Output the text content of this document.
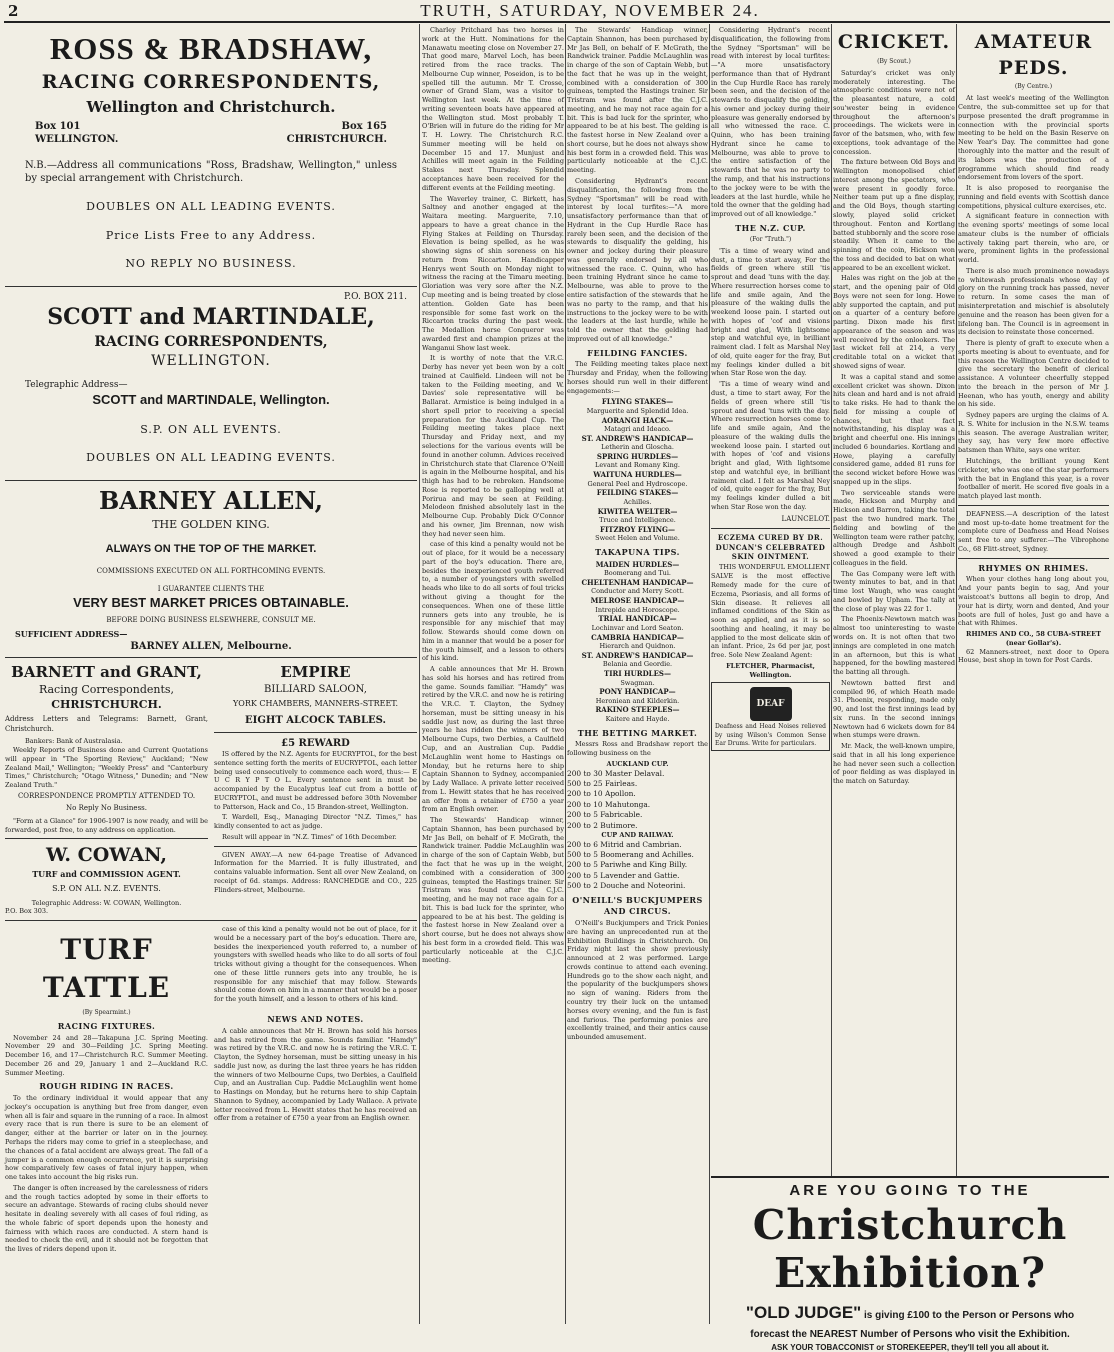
2	TRUTH, SATURDAY, NOVEMBER 24.
ROSS & BRADSHAW,
RACING CORRESPONDENTS,
Wellington and Christchurch.
Box 101	Box 165
WELLINGTON.	CHRISTCHURCH.
N.B.—Address all communications "Ross, Bradshaw, Wellington," unless by special arrangement with Christchurch.
DOUBLES ON ALL LEADING EVENTS.
Price Lists Free to any Address.
NO REPLY NO BUSINESS.
P.O. BOX 211.
SCOTT and MARTINDALE,
RACING CORRESPONDENTS,
WELLINGTON.
Telegraphic Address—
SCOTT and MARTINDALE, Wellington.
S.P. ON ALL EVENTS.
DOUBLES ON ALL LEADING EVENTS.
BARNEY ALLEN,
THE GOLDEN KING.
ALWAYS ON THE TOP OF THE MARKET.
COMMISSIONS EXECUTED ON ALL FORTHCOMING EVENTS.
I GUARANTEE CLIENTS THE
VERY BEST MARKET PRICES OBTAINABLE.
BEFORE DOING BUSINESS ELSEWHERE, CONSULT ME.
SUFFICIENT ADDRESS—
BARNEY ALLEN, Melbourne.
BARNETT and GRANT,
Racing Correspondents,
CHRISTCHURCH.
Address Letters and Telegrams: Barnett, Grant, Christchurch.
Bankers: Bank of Australasia.

Weekly Reports of Business done and Current Quotations will appear in "The Sporting Review," Auckland; "New Zealand Mail," Wellington; "Weekly Press" and "Canterbury Times," Christchurch; "Otago Witness," Dunedin; and "New Zealand Truth."

CORRESPONDENCE PROMPTLY ATTENDED TO.
No Reply No Business.

"Form at a Glance" for 1906-1907 is now ready, and will be forwarded, post free, to any address on application.

W. COWAN,
TURF and COMMISSION AGENT.
S.P. ON ALL N.Z. EVENTS.
Telegraphic Address: W. COWAN, Wellington.
P.O. Box 303.
EMPIRE
BILLIARD SALOON,
YORK CHAMBERS, MANNERS-STREET.
EIGHT ALCOCK TABLES.
£5 REWARD

IS offered by the N.Z. Agents for EUCRYPTOL, for the best sentence setting forth the merits of EUCRYPTOL, each letter being used consecutively to commence each word, thus:— E U C R Y P T O L. Every sentence sent in must be accompanied by the Eucalyptus leaf cut from a bottle of EUCRYPTOL, and must be addressed before 30th November to Patterson, Hack and Co., 15 Brandon-street, Wellington.

T. Wardell, Esq., Managing Director "N.Z. Times," has kindly consented to act as judge.

Result will appear in "N.Z. Times" of 16th December.

GIVEN AWAY.—A new 64-page Treatise of Advanced Information for the Married. It is fully illustrated, and contains valuable information. Sent all over New Zealand, on receipt of 6d. stamps. Address: RANCHEDGE and CO., 225 Flinders-street, Melbourne.

TURF TATTLE
(By Spearmint.)
RACING FIXTURES.

November 24 and 28—Takapuna J.C. Spring Meeting. November 29 and 30—Feilding J.C. Spring Meeting. December 16, and 17—Christchurch R.C. Summer Meeting. December 26 and 29, January 1 and 2—Auckland R.C. Summer Meeting.

ROUGH RIDING IN RACES.

To the ordinary individual it would appear that any jockey's occupation is anything but free from danger, even when all is fair and square in the running of a race. In almost every race that is run there is sure to be an element of danger, either at the barrier or later on in the journey. Perhaps the riders may come to grief in a steeplechase, and the chances of a fatal accident are always great. The fall of a jumper is a common enough occurrence, yet it is surprising how comparatively few cases of fatal injury happen, when one takes into account the big risks run.

The danger is often increased by the carelessness of riders and the rough tactics adopted by some in their efforts to secure an advantage. Stewards of racing clubs should never hesitate in dealing severely with all cases of foul riding, as the whole fabric of sport depends upon the honesty and fairness with which races are conducted. A stern hand is needed to check the evil, and it should not be forgotten that the lives of riders depend upon it.

case of this kind a penalty would not be out of place, for it would be a necessary part of the boy's education. There are, besides the inexperienced youth referred to, a number of youngsters with swelled heads who like to do all sorts of foul tricks without giving a thought for the consequences. When one of these little runners gets into any trouble, he is responsible for any mischief that may follow. Stewards should come down on him in a manner that would be a poser for the youth himself, and a lesson to others of his kind.

NEWS AND NOTES.

A cable announces that Mr H. Brown has sold his horses and has retired from the game. Sounds familiar. "Hamdy" was retired by the V.R.C. and now he is retiring the V.R.C. T. Clayton, the Sydney horseman, must be sitting uneasy in his saddle just now, as during the last three years he has ridden the winners of two Melbourne Cups, two Derbies, a Caulfield Cup, and an Australian Cup. Paddie McLaughlin went home to Hastings on Monday, but he returns here to ship Captain Shannon to Sydney, accompanied by Lady Wallace. A private letter received from L. Hewitt states that he has received an offer from a retainer of £750 a year from an English owner.

Charley Pritchard has two horses in work at the Hutt. Nominations for the Manawatu meeting close on November 27. That good mare, Marvel Loch, has been retired from the race tracks. The Melbourne Cup winner, Poseidon, is to be spelled till the autumn. Mr T. Crosse, owner of Grand Slam, was a visitor to Wellington last week. At the time of writing seventeen boats have appeared at the Wellington stud. Most probably T. O'Brien will in future do the riding for Mr T. H. Lowry. The Christchurch R.C. Summer meeting will be held on December 15 and 17. Munjust and Achilles will meet again in the Feilding Stakes next Thursday. Splendid acceptances have been received for the different events at the Feilding meeting.

The Waverley trainer, C. Birkett, has Saltney and another engaged at the Waitara meeting. Marguerite, 7.10, appears to have a great chance in the Flying Stakes at Feilding on Thursday. Elevation is being spelled, as he was showing signs of shin soreness on his return from Riccarton. Handicapper Henrys went South on Monday night to witness the racing at the Timaru meeting. Gloriation was very sore after the N.Z. Cup meeting and is being treated by close attention. Golden Gate has been responsible for some fast work on the Riccarton tracks during the past week. The Medallion horse Conqueror was awarded first and champion prizes at the Wanganui Show last week.

It is worthy of note that the V.R.C. Derby has never yet been won by a colt trained at Caulfield. Lindeen will not be taken to the Feilding meeting, and W. Davies' sole representative will be Ballarat. Armistice is being indulged in a short spell prior to receiving a special preparation for the Auckland Cup. The Feilding meeting takes place next Thursday and Friday next, and my selections for the various events will be found in another column. Advices received in Christchurch state that Clarence O'Neill is again in the Melbourne hospital, and his thigh has had to be rebroken. Handsome Rose is reported to be galloping well at Porirua and may be seen at Feilding. Melodeon finished absolutely last in the Melbourne Cup. Probably Dick O'Connor and his owner, Jim Brennan, now wish they had never seen him.

case of this kind a penalty would not be out of place, for it would be a necessary part of the boy's education. There are, besides the inexperienced youth referred to, a number of youngsters with swelled heads who like to do all sorts of foul tricks without giving a thought for the consequences. When one of these little runners gets into any trouble, he is responsible for any mischief that may follow. Stewards should come down on him in a manner that would be a poser for the youth himself, and a lesson to others of his kind.

A cable announces that Mr H. Brown has sold his horses and has retired from the game. Sounds familiar. "Hamdy" was retired by the V.R.C. and now he is retiring the V.R.C. T. Clayton, the Sydney horseman, must be sitting uneasy in his saddle just now, as during the last three years he has ridden the winners of two Melbourne Cups, two Derbies, a Caulfield Cup, and an Australian Cup. Paddie McLaughlin went home to Hastings on Monday, but he returns here to ship Captain Shannon to Sydney, accompanied by Lady Wallace. A private letter received from L. Hewitt states that he has received an offer from a retainer of £750 a year from an English owner.

The Stewards' Handicap winner, Captain Shannon, has been purchased by Mr Jas Bell, on behalf of F. McGrath, the Randwick trainer. Paddie McLaughlin was in charge of the son of Captain Webb, but the fact that he was up in the weight, combined with a consideration of 300 guineas, tempted the Hastings trainer. Sir Tristram was found after the C.J.C. meeting, and he may not race again for a bit. This is bad luck for the sprinter, who appeared to be at his best. The gelding is the fastest horse in New Zealand over a short course, but he does not always show his best form in a crowded field. This was particularly noticeable at the C.J.C. meeting.

The Stewards' Handicap winner, Captain Shannon, has been purchased by Mr Jas Bell, on behalf of F. McGrath, the Randwick trainer. Paddie McLaughlin was in charge of the son of Captain Webb, but the fact that he was up in the weight, combined with a consideration of 300 guineas, tempted the Hastings trainer. Sir Tristram was found after the C.J.C. meeting, and he may not race again for a bit. This is bad luck for the sprinter, who appeared to be at his best. The gelding is the fastest horse in New Zealand over a short course, but he does not always show his best form in a crowded field. This was particularly noticeable at the C.J.C. meeting.

Considering Hydrant's recent disqualification, the following from the Sydney "Sportsman" will be read with interest by local turfites:—"A more unsatisfactory performance than that of Hydrant in the Cup Hurdle Race has rarely been seen, and the decision of the stewards to disqualify the gelding, his owner and jockey during their pleasure was generally endorsed by all who witnessed the race. C. Quinn, who has been training Hydrant since he came to Melbourne, was able to prove to the entire satisfaction of the stewards that he was no party to the ramp, and that his instructions to the jockey were to be with the leaders at the last hurdle, while he told the owner that the gelding had improved out of all knowledge."

FEILDING FANCIES.

The Feilding meeting takes place next Thursday and Friday, when the following horses should run well in their different engagements:—

FLYING STAKES—
Marguerite and Splendid Idea.
AORANGI HACK—
Matagri and Ideaco.
ST. ANDREW'S HANDICAP—
Letherin and Gloscha.
SPRING HURDLES—
Levant and Romany King.
WAITUNA HURDLES—
General Peel and Hydroscope.
FEILDING STAKES—
Achilles.
KIWITEA WELTER—
Truce and Intelligence.
FITZROY FLYING—
Sweet Helen and Volume.
TAKAPUNA TIPS.
MAIDEN HURDLES—
Boomerang and Tui.
CHELTENHAM HANDICAP—
Conductor and Merry Scott.
MELROSE HANDICAP—
Intrepide and Horoscope.
TRIAL HANDICAP—
Lochinvar and Lord Seaton.
CAMBRIA HANDICAP—
Hierarch and Quidnon.
ST. ANDREW'S HANDICAP—
Belania and Geordie.
TIRI HURDLES—
Swagman.
PONY HANDICAP—
Heroniean and Kilderkin.
RAKINO STEEPLES—
Kaitere and Hayde.
THE BETTING MARKET.

Messrs Ross and Bradshaw report the following business on the

AUCKLAND CUP.
200 to 30 Master Delaval.
500 to 25 Fairleas.
200 to 10 Apollon.
200 to 10 Mahutonga.
200 to 5 Fabricable.
200 to 2 Butimore.
CUP AND RAILWAY.
200 to 6 Mitrid and Cambrian.
500 to 5 Boomerang and Achilles.
200 to 5 Pariwhe and King Billy.
200 to 5 Lavender and Gattie.
500 to 2 Douche and Noteorini.
O'NEILL'S BUCKJUMPERS AND CIRCUS.

O'Neill's Buckjumpers and Trick Ponies are having an unprecedented run at the Exhibition Buildings in Christchurch. On Friday night last the show previously announced at 2 was performed. Large crowds continue to attend each evening. Hundreds go to the show each night, and the popularity of the buckjumpers shows no sign of waning. Riders from the country try their luck on the untamed horses every evening, and the fun is fast and furious. The performing ponies are excellently trained, and their antics cause unbounded amusement.

Considering Hydrant's recent disqualification, the following from the Sydney "Sportsman" will be read with interest by local turfites:—"A more unsatisfactory performance than that of Hydrant in the Cup Hurdle Race has rarely been seen, and the decision of the stewards to disqualify the gelding, his owner and jockey during their pleasure was generally endorsed by all who witnessed the race. C. Quinn, who has been training Hydrant since he came to Melbourne, was able to prove to the entire satisfaction of the stewards that he was no party to the ramp, and that his instructions to the jockey were to be with the leaders at the last hurdle, while he told the owner that the gelding had improved out of all knowledge."

THE N.Z. CUP.
(For "Truth.")

'Tis a time of weary wind and dust, a time to start away, For the fields of green where still 'tis sprout and dead 'tuns with the day. Where resurrection horses come to life and smile again, And the pleasure of the waking dulls the weekend loose pain. I started out with hopes of 'cof and visions bright and glad, With lightsome step and watchful eye, in brilliant raiment clad. I felt as Marshal Ney of old, quite eager for the fray, But my feelings kinder dulled a bit when Star Rose won the day.

'Tis a time of weary wind and dust, a time to start away, For the fields of green where still 'tis sprout and dead 'tuns with the day. Where resurrection horses come to life and smile again, And the pleasure of the waking dulls the weekend loose pain. I started out with hopes of 'cof and visions bright and glad, With lightsome step and watchful eye, in brilliant raiment clad. I felt as Marshal Ney of old, quite eager for the fray, But my feelings kinder dulled a bit when Star Rose won the day.

LAUNCELOT.
ECZEMA CURED BY DR. DUNCAN'S CELEBRATED SKIN OINTMENT.

THIS WONDERFUL EMOLLIENT SALVE is the most effective Remedy made for the cure of Eczema, Psoriasis, and all forms of Skin disease. It relieves all inflamed conditions of the Skin as soon as applied, and as it is so soothing and healing, it may be applied to the most delicate skin of an infant. Price, 2s 6d per jar, post free. Sole New Zealand Agent:

FLETCHER, Pharmacist, Wellington.
DEAF
Deafness and Head Noises relieved by using Wilson's Common Sense Ear Drums. Write for particulars.
CRICKET.
(By Scout.)

Saturday's cricket was only moderately interesting. The atmospheric conditions were not of the pleasantest nature, a cold sou'wester being in evidence throughout the afternoon's proceedings. The wickets were in favor of the batsmen, who, with few exceptions, took advantage of the concession.

The fixture between Old Boys and Wellington monopolised chief interest among the spectators, who were present in goodly force. Neither team put up a fine display, and the Old Boys, though starting slowly, played solid cricket throughout. Fenton and Kortlang batted stubbornly and the score rose steadily. When it came to the spinning of the coin, Hickson won the toss and decided to bat on what appeared to be an excellent wicket.

Hales was right on the job at the start, and the opening pair of Old Boys were not seen for long. Howe ably supported the captain, and put on a quarter of a century before parting. Dixon made his first appearance of the season and was well received by the onlookers. The last wicket fell at 214, a very creditable total on a wicket that showed signs of wear.

It was a capital stand and some excellent cricket was shown. Dixon hits clean and hard and is not afraid to take risks. He had to thank the field for missing a couple of chances, but that fact notwithstanding, his display was a bright and cheerful one. His innings included 6 boundaries. Kortlang and Howe, playing a carefully considered game, added 81 runs for the second wicket before Howe was snapped up in the slips.

Two serviceable stands were made, Hickson and Murphy and Hickson and Barron, taking the total past the two hundred mark. The fielding and bowling of the Wellington team were rather patchy, although Dredge and Ashbolt showed a good example to their colleagues in the field.

The Gas Company were left with twenty minutes to bat, and in that time lost Waugh, who was caught and bowled by Upham. The tally at the close of play was 22 for 1.

The Phoenix-Newtown match was almost too uninteresting to waste words on. It is not often that two innings are completed in one match in an afternoon, but this is what happened, for the bowling mastered the batting all through.

Newtown batted first and compiled 96, of which Heath made 31. Phoenix, responding, made only 90, and lost the first innings lead by six runs. In the second innings Newtown had 6 wickets down for 84 when stumps were drawn.

Mr. Mack, the well-known umpire, said that in all his long experience he had never seen such a collection of poor fielding as was displayed in the match on Saturday.

AMATEUR PEDS.
(By Centre.)

At last week's meeting of the Wellington Centre, the sub-committee set up for that purpose presented the draft programme in connection with the provincial sports meeting to be held on the Basin Reserve on New Year's Day. The committee had gone thoroughly into the matter and the result of its labors was the production of a programme which should find ready endorsement from lovers of the sport.

It is also proposed to reorganise the running and field events with Scottish dance competitions, physical culture exercises, etc.

A significant feature in connection with the evening sports' meetings of some local amateur clubs is the number of officials actively taking part therein, who are, or were, prominent lights in the professional world.

There is also much prominence nowadays to whitewash professionals whose day of glory on the running track has passed, never to return. In some cases the man of misinterpretation and mischief is absolutely genuine and the reason has been given for a lifelong ban. The Council is in agreement in its decision to reinstate those concerned.

There is plenty of graft to execute when a sports meeting is about to eventuate, and for this reason the Wellington Centre decided to give the secretary the benefit of clerical assistance. A volunteer cheerfully stepped into the breach in the person of Mr J. Heenan, who has youth, energy and ability on his side.

Sydney papers are urging the claims of A. R. S. White for inclusion in the N.S.W. teams this season. The average Australian writer, they say, has very few more effective batsmen than White, says one writer.

Hutchings, the brilliant young Kent cricketer, who was one of the star performers with the bat in England this year, is a rover footballer of merit. He scored five goals in a match played last month.

DEAFNESS.—A description of the latest and most up-to-date home treatment for the complete cure of Deafness and Head Noises sent free to any sufferer.—The Vibrophone Co., 68 Flitt-street, Sydney.

RHYMES ON RHIMES.

When your clothes hang long about you, And your pants begin to sag, And your waistcoat's buttons all begin to drop, And your hat is dirty, worn and dented, And your boots are full of holes, Just go and have a chat with Rhimes.

RHIMES AND CO., 58 CUBA-STREET (near Gollar's).

62 Manners-street, next door to Opera House, best shop in town for Post Cards.

ARE YOU GOING TO THE
Christchurch Exhibition?
"OLD JUDGE" is giving £100 to the Person or Persons who
forecast the NEAREST Number of Persons who visit the Exhibition.
ASK YOUR TOBACCONIST or STOREKEEPER, they'll tell you all about it.
